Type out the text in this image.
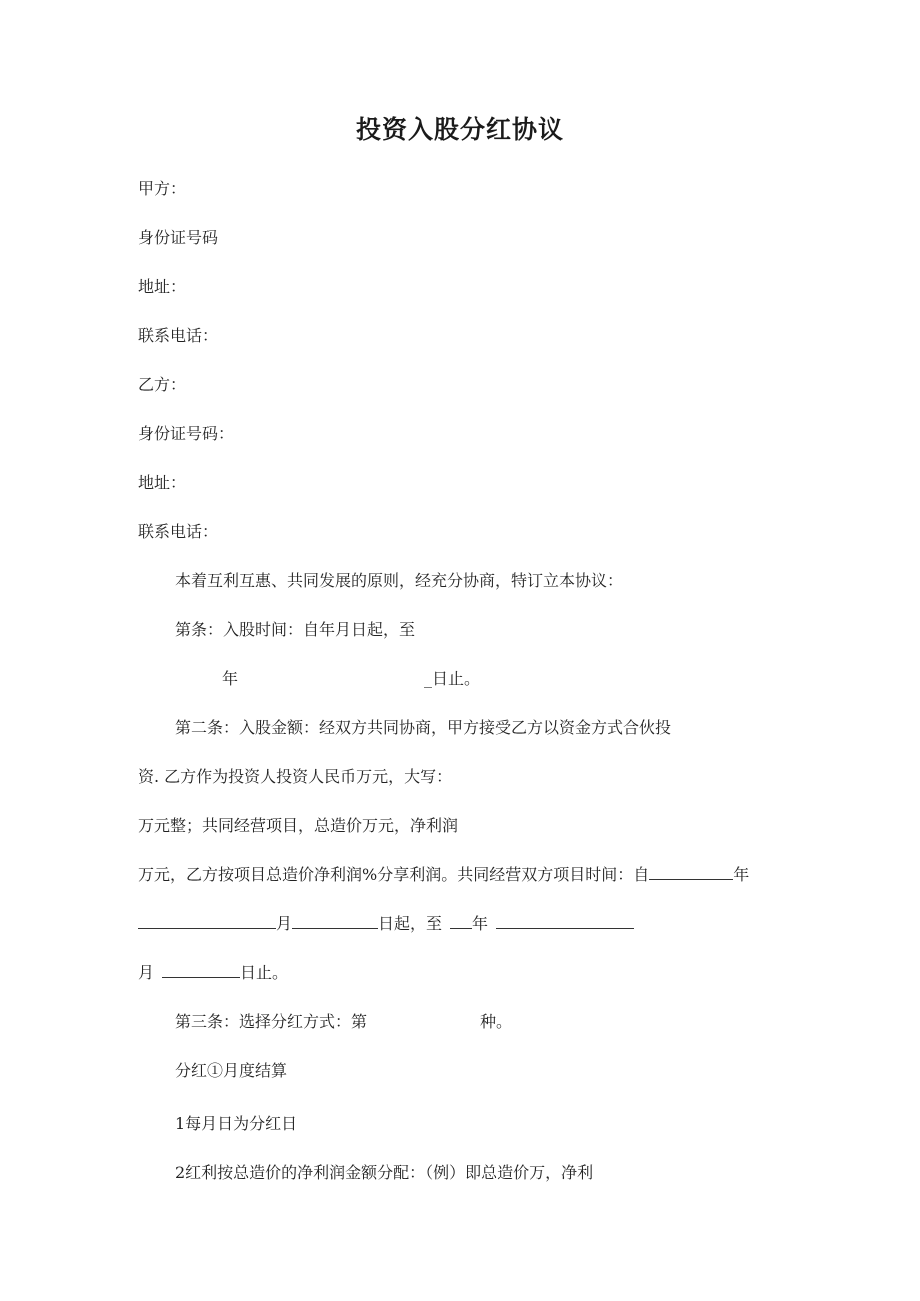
投资入股分红协议
甲方：
身份证号码
地址：
联系电话：
乙方：
身份证号码：
地址：
联系电话：
本着互利互惠、共同发展的原则，经充分协商，特订立本协议：
第条：入股时间：自年月日起，至
年	_日止。
第二条：入股金额：经双方共同协商，甲方接受乙方以资金方式合伙投
资. 乙方作为投资人投资人民币万元，大写：
万元整；共同经营项目，总造价万元，净利润
万元，乙方按项目总造价净利润%分享利润。共同经营双方项目时间：自	年
月	日起，至 年
月	日止。
第三条：选择分红方式：第	种。
分红①月度结算
1每月日为分红日
2红利按总造价的净利润金额分配：（例）即总造价万，净利
